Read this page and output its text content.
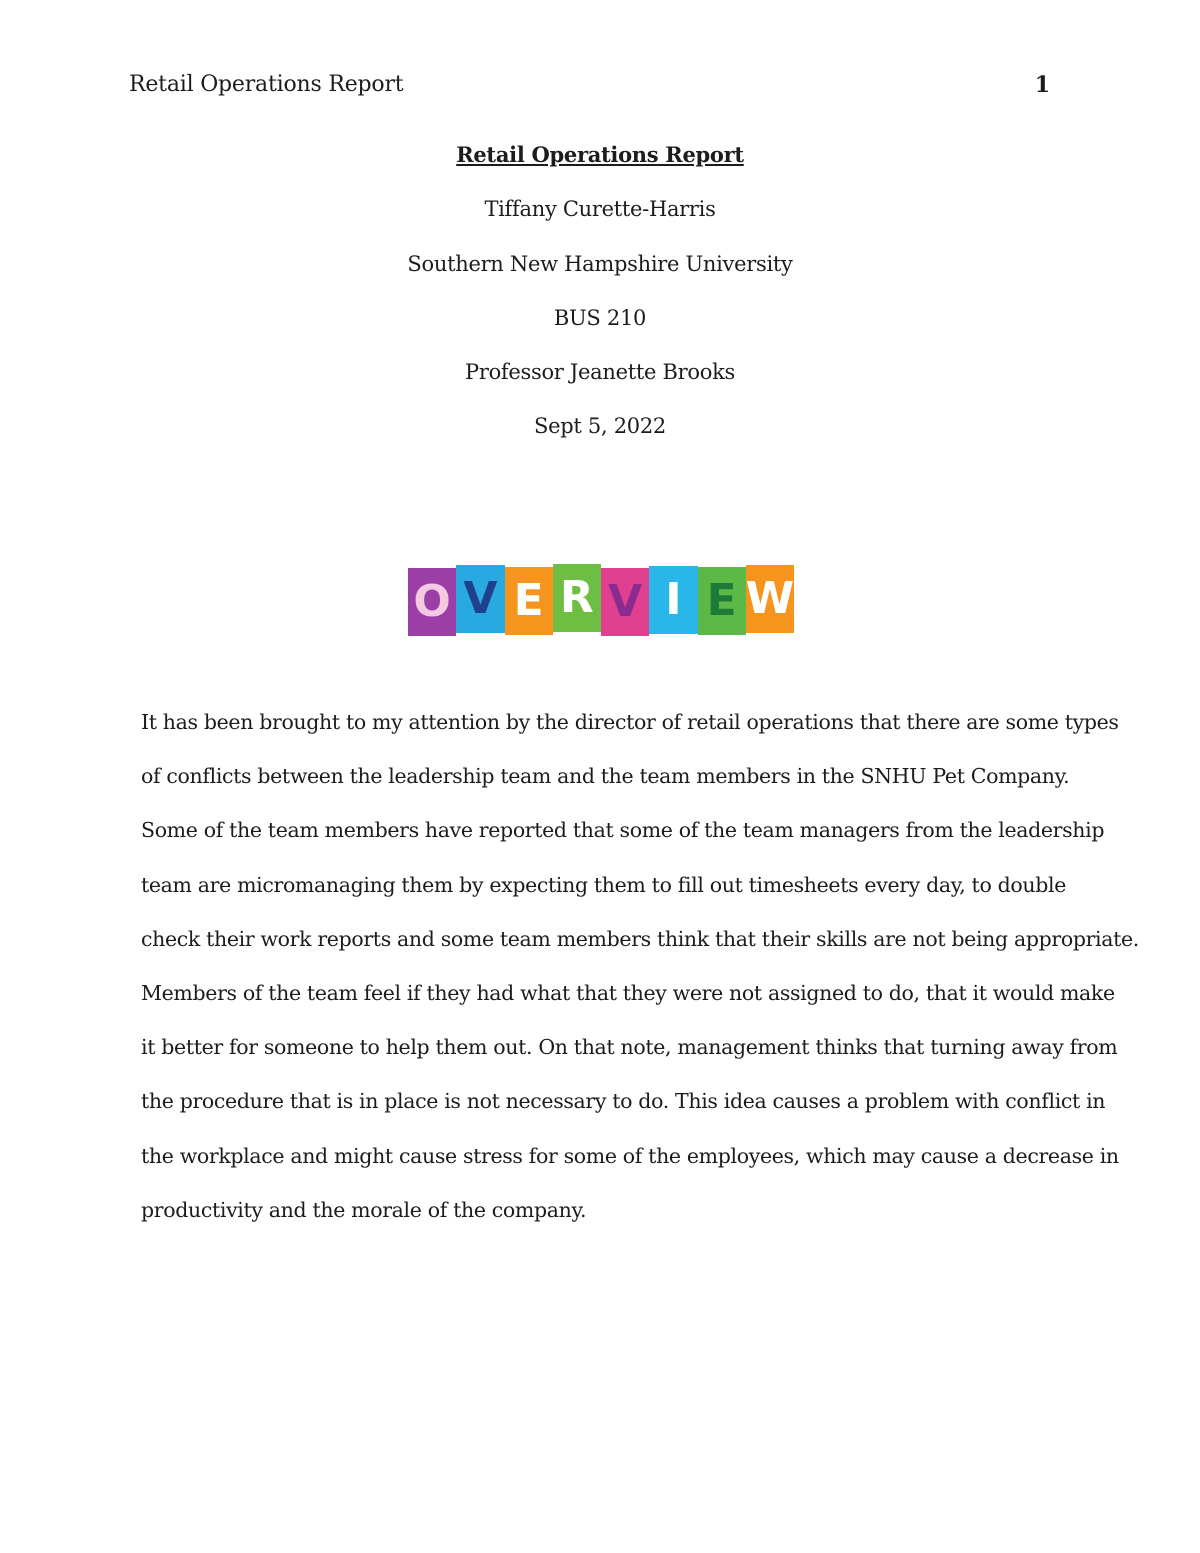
Retail Operations Report	1
Retail Operations Report
Tiffany Curette-Harris
Southern New Hampshire University
BUS 210
Professor Jeanette Brooks
Sept 5, 2022
O V E R V I E W
It has been brought to my attention by the director of retail operations that there are some types
of conflicts between the leadership team and the team members in the SNHU Pet Company.
Some of the team members have reported that some of the team managers from the leadership
team are micromanaging them by expecting them to fill out timesheets every day, to double
check their work reports and some team members think that their skills are not being appropriate.
Members of the team feel if they had what that they were not assigned to do, that it would make
it better for someone to help them out. On that note, management thinks that turning away from
the procedure that is in place is not necessary to do. This idea causes a problem with conflict in
the workplace and might cause stress for some of the employees, which may cause a decrease in
productivity and the morale of the company.
